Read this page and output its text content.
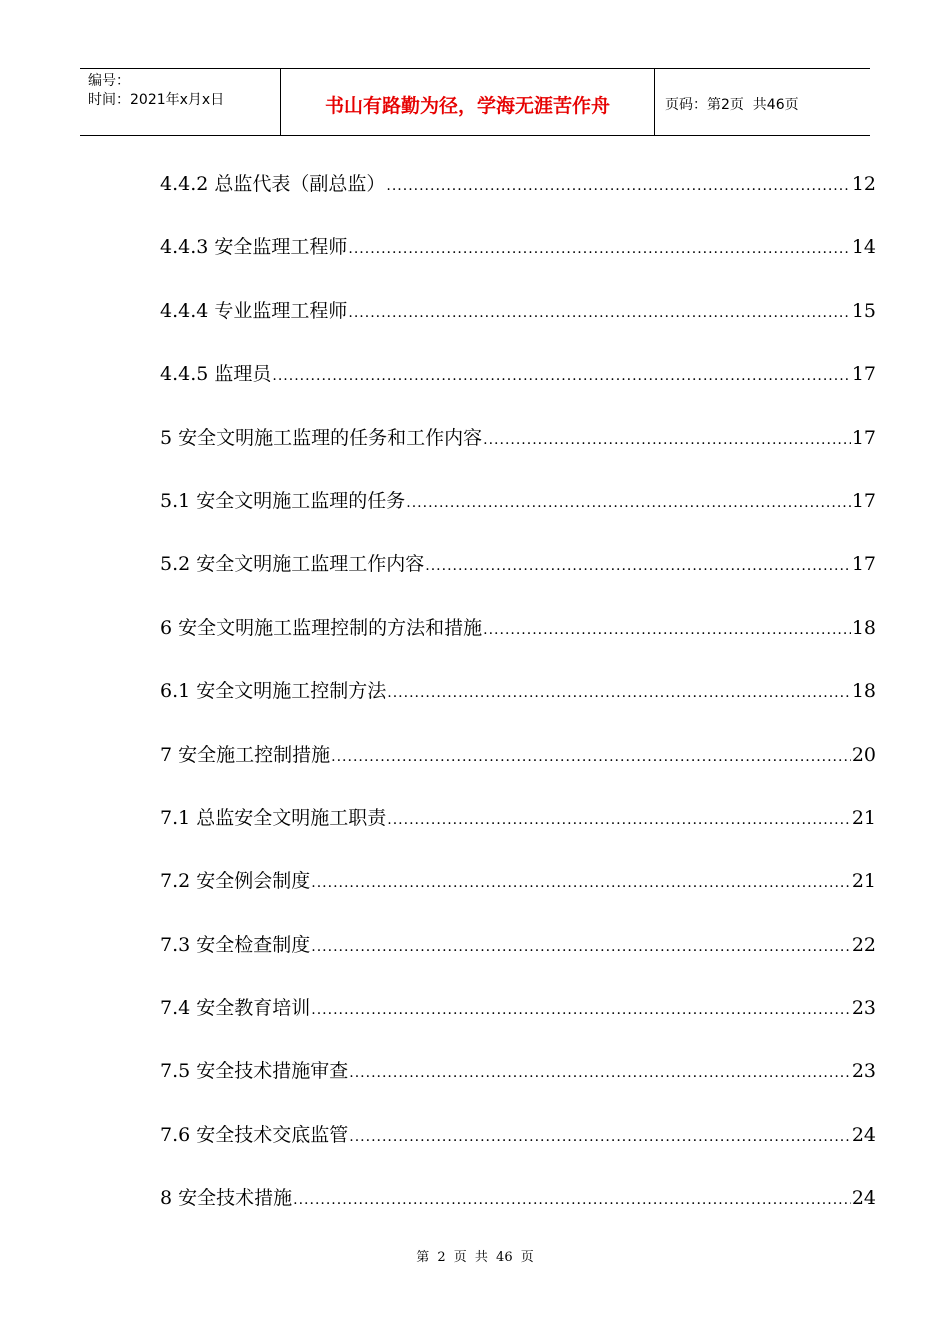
编号：
时间：2021年x月x日	书山有路勤为径，学海无涯苦作舟	页码：第2页  共46页
4.4.2 总监代表（副总监） .....	12
4.4.3 安全监理工程师 .....	14
4.4.4 专业监理工程师 .....	15
4.4.5 监理员 .....	17
5 安全文明施工监理的任务和工作内容 .....	17
5.1 安全文明施工监理的任务 .....	17
5.2 安全文明施工监理工作内容 .....	17
6 安全文明施工监理控制的方法和措施 .....	18
6.1 安全文明施工控制方法 .....	18
7 安全施工控制措施 .....	20
7.1 总监安全文明施工职责 .....	21
7.2 安全例会制度 .....	21
7.3 安全检查制度 .....	22
7.4 安全教育培训 .....	23
7.5 安全技术措施审查 .....	23
7.6 安全技术交底监管 .....	24
8 安全技术措施 .....	24
第 2 页 共 46 页
